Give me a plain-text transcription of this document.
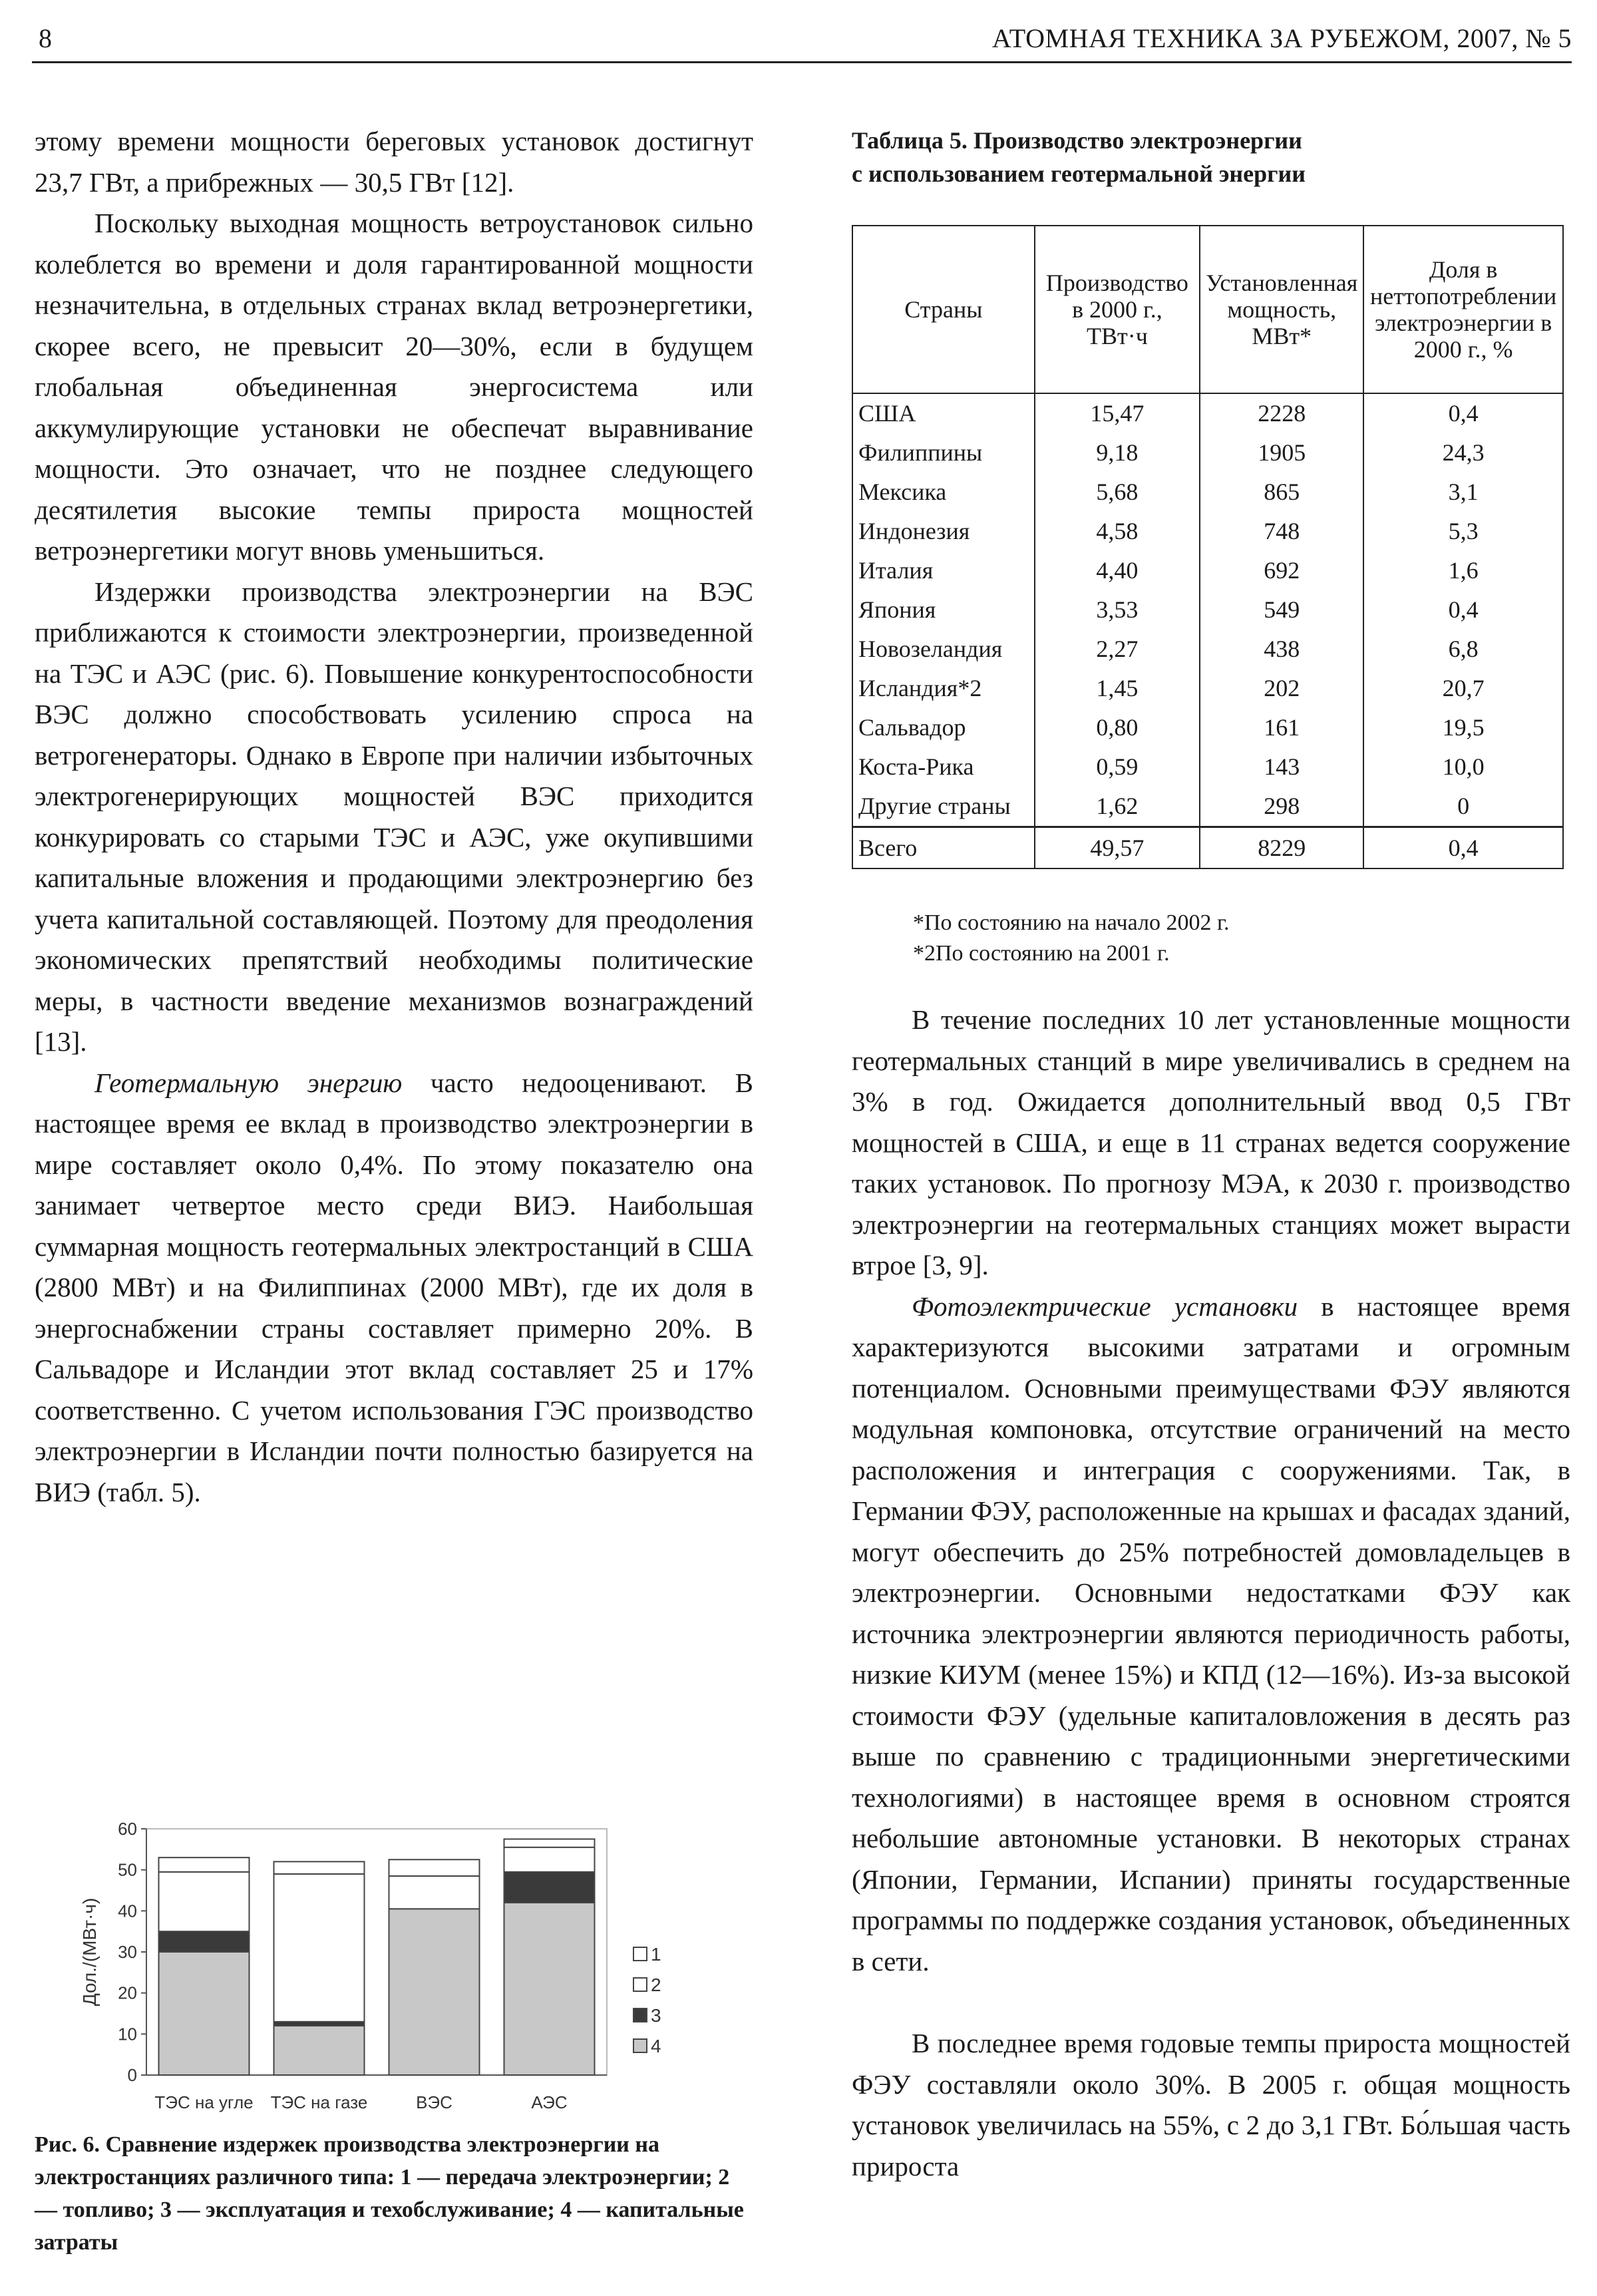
8	АТОМНАЯ ТЕХНИКА ЗА РУБЕЖОМ, 2007, № 5

этому времени мощности береговых установок достигнут 23,7 ГВт, а прибрежных — 30,5 ГВт [12].

Поскольку выходная мощность ветроустановок сильно колеблется во времени и доля гарантированной мощности незначительна, в отдельных странах вклад ветроэнергетики, скорее всего, не превысит 20—30%, если в будущем глобальная объединенная энергосистема или аккумулирующие установки не обеспечат выравнивание мощности. Это означает, что не позднее следующего десятилетия высокие темпы прироста мощностей ветроэнергетики могут вновь уменьшиться.

Издержки производства электроэнергии на ВЭС приближаются к стоимости электроэнергии, произведенной на ТЭС и АЭС (рис. 6). Повышение конкурентоспособности ВЭС должно способствовать усилению спроса на ветрогенераторы. Однако в Европе при наличии избыточных электрогенерирующих мощностей ВЭС приходится конкурировать со старыми ТЭС и АЭС, уже окупившими капитальные вложения и продающими электроэнергию без учета капитальной составляющей. Поэтому для преодоления экономических препятствий необходимы политические меры, в частности введение механизмов вознаграждений [13].

Геотермальную энергию часто недооценивают. В настоящее время ее вклад в производство электроэнергии в мире составляет около 0,4%. По этому показателю она занимает четвертое место среди ВИЭ. Наибольшая суммарная мощность геотермальных электростанций в США (2800 МВт) и на Филиппинах (2000 МВт), где их доля в энергоснабжении страны составляет примерно 20%. В Сальвадоре и Исландии этот вклад составляет 25 и 17% соответственно. С учетом использования ГЭС производство электроэнергии в Исландии почти полностью базируется на ВИЭ (табл. 5).

Таблица 5. Производство электроэнергии
с использованием геотермальной энергии
Страны	Производство в 2000 г., ТВт·ч	Установленная мощность, МВт*	Доля в неттопотреблении электроэнергии в 2000 г., %
США	15,47	2228	0,4
Филиппины	9,18	1905	24,3
Мексика	5,68	865	3,1
Индонезия	4,58	748	5,3
Италия	4,40	692	1,6
Япония	3,53	549	0,4
Новозеландия	2,27	438	6,8
Исландия*2	1,45	202	20,7
Сальвадор	0,80	161	19,5
Коста-Рика	0,59	143	10,0
Другие страны	1,62	298	0
Всего	49,57	8229	0,4
*По состоянию на начало 2002 г.
*2По состоянию на 2001 г.

В течение последних 10 лет установленные мощности геотермальных станций в мире увеличивались в среднем на 3% в год. Ожидается дополнительный ввод 0,5 ГВт мощностей в США, и еще в 11 странах ведется сооружение таких установок. По прогнозу МЭА, к 2030 г. производство электроэнергии на геотермальных станциях может вырасти втрое [3, 9].

Фотоэлектрические установки в настоящее время характеризуются высокими затратами и огромным потенциалом. Основными преимуществами ФЭУ являются модульная компоновка, отсутствие ограничений на место расположения и интеграция с сооружениями. Так, в Германии ФЭУ, расположенные на крышах и фасадах зданий, могут обеспечить до 25% потребностей домовладельцев в электроэнергии. Основными недостатками ФЭУ как источника электроэнергии являются периодичность работы, низкие КИУМ (менее 15%) и КПД (12—16%). Из-за высокой стоимости ФЭУ (удельные капиталовложения в десять раз выше по сравнению с традиционными энергетическими технологиями) в настоящее время в основном строятся небольшие автономные установки. В некоторых странах (Японии, Германии, Испании) приняты государственные программы по поддержке создания установок, объединенных в сети.

В последнее время годовые темпы прироста мощностей ФЭУ составляли около 30%. В 2005 г. общая мощность установок увеличилась на 55%, с 2 до 3,1 ГВт. Бо́льшая часть прироста

0
10
20
30
40
50
60
Дол./(МВт·ч)
ТЭС на угле ТЭС на газе	ВЭС	АЭС
1
2
3
4
Рис. 6. Сравнение издержек производства электроэнергии на электростанциях различного типа: 1 — передача электроэнергии; 2 — топливо; 3 — эксплуатация и техобслуживание; 4 — капитальные затраты
